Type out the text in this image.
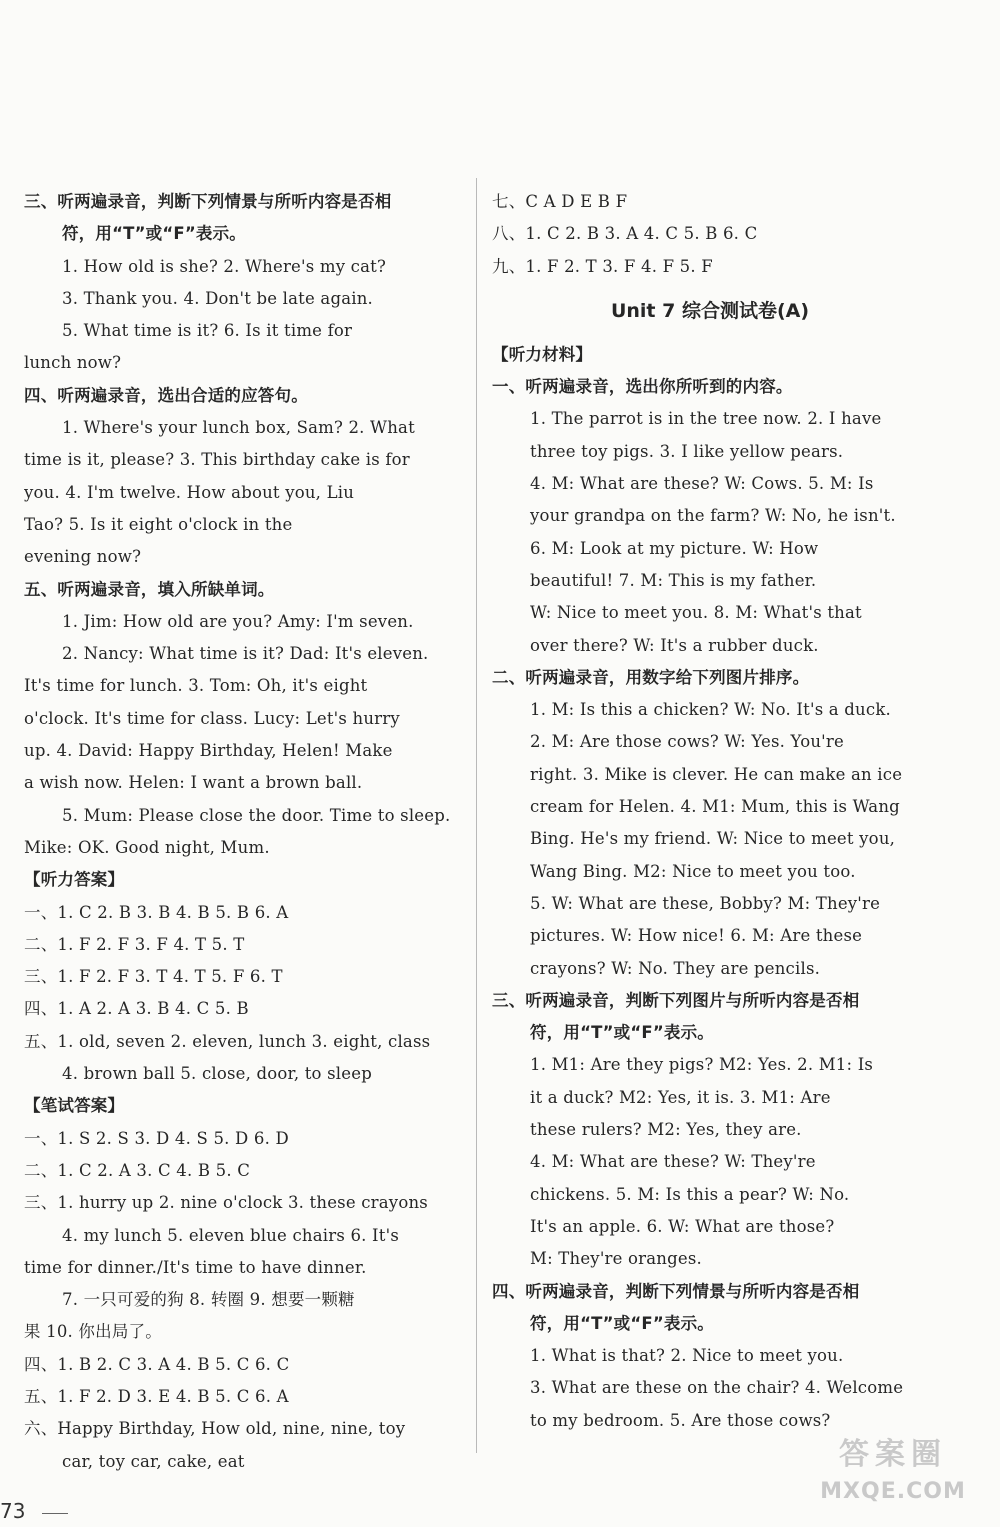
三、听两遍录音，判断下列情景与所听内容是否相
符，用“T”或“F”表示。
1. How old is she? 2. Where's my cat?
3. Thank you. 4. Don't be late again.
5. What time is it? 6. Is it time for
lunch now?
四、听两遍录音，选出合适的应答句。
1. Where's your lunch box, Sam? 2. What
time is it, please? 3. This birthday cake is for
you. 4. I'm twelve. How about you, Liu
Tao? 5. Is it eight o'clock in the
evening now?
五、听两遍录音，填入所缺单词。
1. Jim: How old are you? Amy: I'm seven.
2. Nancy: What time is it? Dad: It's eleven.
It's time for lunch. 3. Tom: Oh, it's eight
o'clock. It's time for class. Lucy: Let's hurry
up. 4. David: Happy Birthday, Helen! Make
a wish now. Helen: I want a brown ball.
5. Mum: Please close the door. Time to sleep.
Mike: OK. Good night, Mum.
【听力答案】
一、1. C 2. B 3. B 4. B 5. B 6. A
二、1. F 2. F 3. F 4. T 5. T
三、1. F 2. F 3. T 4. T 5. F 6. T
四、1. A 2. A 3. B 4. C 5. B
五、1. old, seven 2. eleven, lunch 3. eight, class
4. brown ball 5. close, door, to sleep
【笔试答案】
一、1. S 2. S 3. D 4. S 5. D 6. D
二、1. C 2. A 3. C 4. B 5. C
三、1. hurry up 2. nine o'clock 3. these crayons
4. my lunch 5. eleven blue chairs 6. It's
time for dinner./It's time to have dinner.
7. 一只可爱的狗 8. 转圈 9. 想要一颗糖
果 10. 你出局了。
四、1. B 2. C 3. A 4. B 5. C 6. C
五、1. F 2. D 3. E 4. B 5. C 6. A
六、Happy Birthday, How old, nine, nine, toy
car, toy car, cake, eat
七、C A D E B F
八、1. C 2. B 3. A 4. C 5. B 6. C
九、1. F 2. T 3. F 4. F 5. F
Unit 7 综合测试卷(A)
【听力材料】
一、听两遍录音，选出你所听到的内容。
1. The parrot is in the tree now. 2. I have
three toy pigs. 3. I like yellow pears.
4. M: What are these? W: Cows. 5. M: Is
your grandpa on the farm? W: No, he isn't.
6. M: Look at my picture. W: How
beautiful! 7. M: This is my father.
W: Nice to meet you. 8. M: What's that
over there? W: It's a rubber duck.
二、听两遍录音，用数字给下列图片排序。
1. M: Is this a chicken? W: No. It's a duck.
2. M: Are those cows? W: Yes. You're
right. 3. Mike is clever. He can make an ice
cream for Helen. 4. M1: Mum, this is Wang
Bing. He's my friend. W: Nice to meet you,
Wang Bing. M2: Nice to meet you too.
5. W: What are these, Bobby? M: They're
pictures. W: How nice! 6. M: Are these
crayons? W: No. They are pencils.
三、听两遍录音，判断下列图片与所听内容是否相
符，用“T”或“F”表示。
1. M1: Are they pigs? M2: Yes. 2. M1: Is
it a duck? M2: Yes, it is. 3. M1: Are
these rulers? M2: Yes, they are.
4. M: What are these? W: They're
chickens. 5. M: Is this a pear? W: No.
It's an apple. 6. W: What are those?
M: They're oranges.
四、听两遍录音，判断下列情景与所听内容是否相
符，用“T”或“F”表示。
1. What is that? 2. Nice to meet you.
3. What are these on the chair? 4. Welcome
to my bedroom. 5. Are those cows?
73
答案圈
MXQE.COM
